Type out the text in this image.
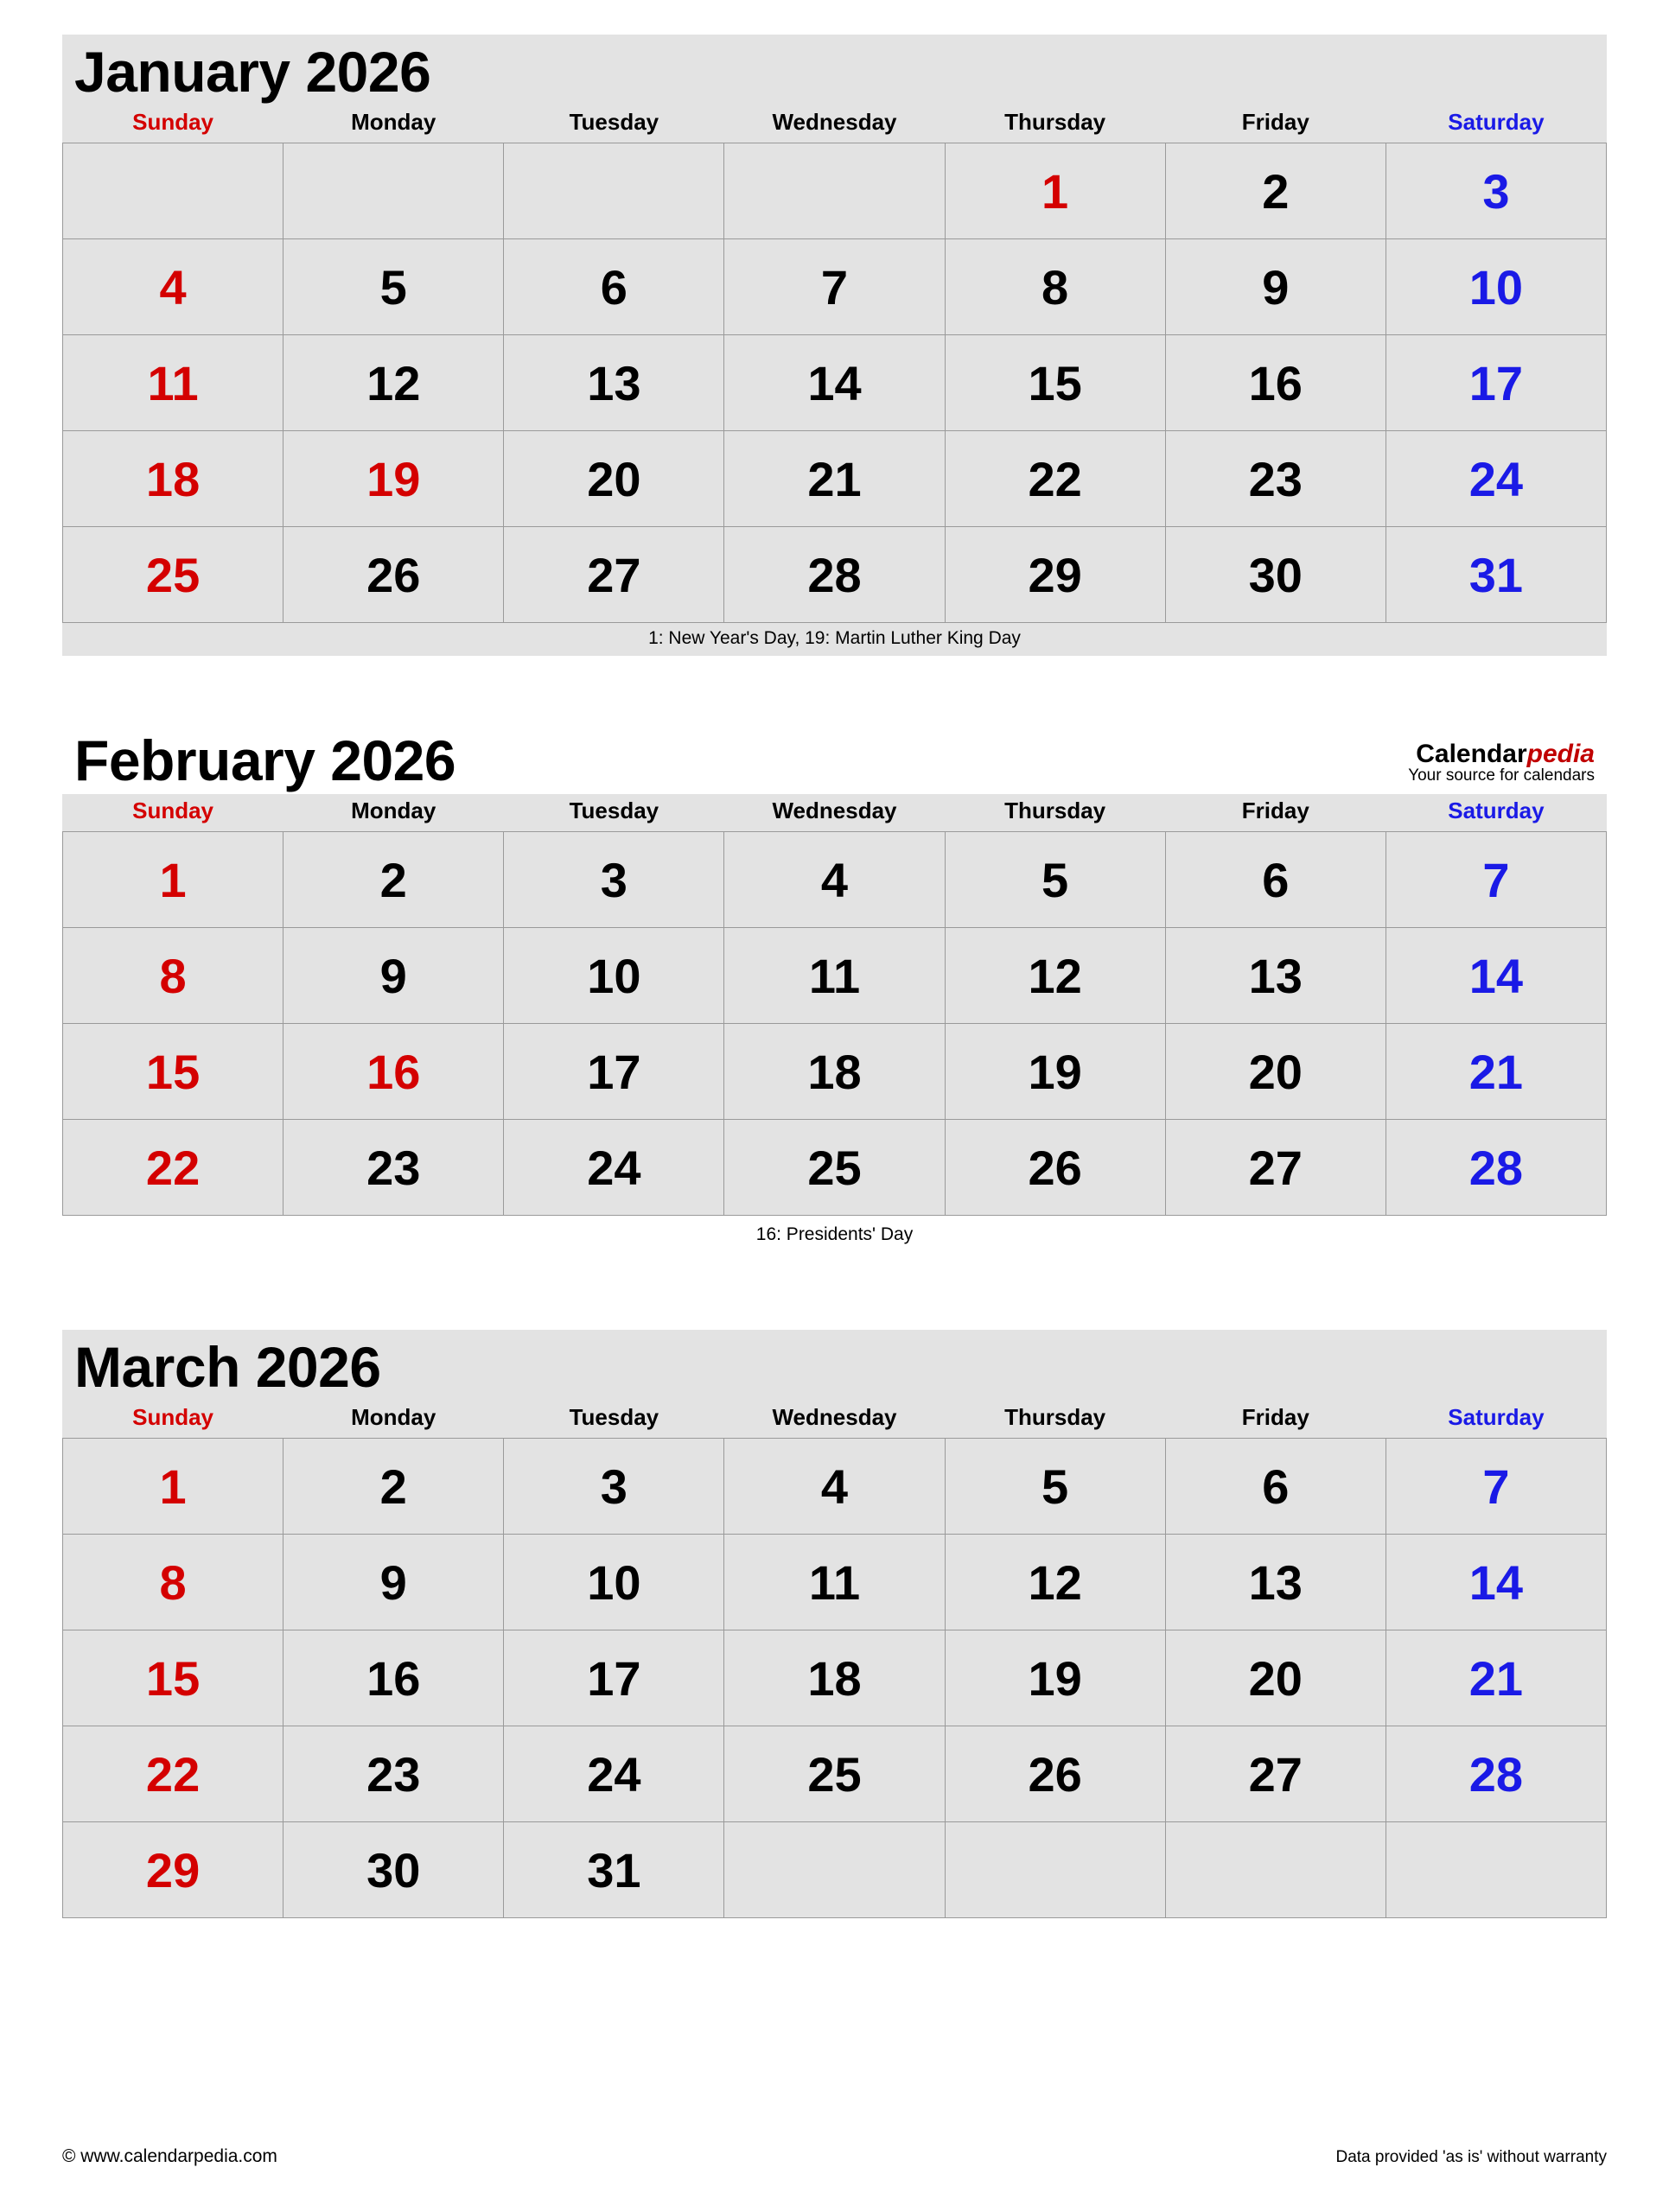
January 2026
Sunday	Monday	Tuesday	Wednesday	Thursday	Friday	Saturday
				1	2	3
4	5	6	7	8	9	10
11	12	13	14	15	16	17
18	19	20	21	22	23	24
25	26	27	28	29	30	31
1: New Year's Day, 19: Martin Luther King Day
February 2026	Calendarpedia
Your source for calendars
Sunday	Monday	Tuesday	Wednesday	Thursday	Friday	Saturday
1	2	3	4	5	6	7
8	9	10	11	12	13	14
15	16	17	18	19	20	21
22	23	24	25	26	27	28
16: Presidents' Day
March 2026
Sunday	Monday	Tuesday	Wednesday	Thursday	Friday	Saturday
1	2	3	4	5	6	7
8	9	10	11	12	13	14
15	16	17	18	19	20	21
22	23	24	25	26	27	28
29	30	31				
© www.calendarpedia.com	Data provided 'as is' without warranty
